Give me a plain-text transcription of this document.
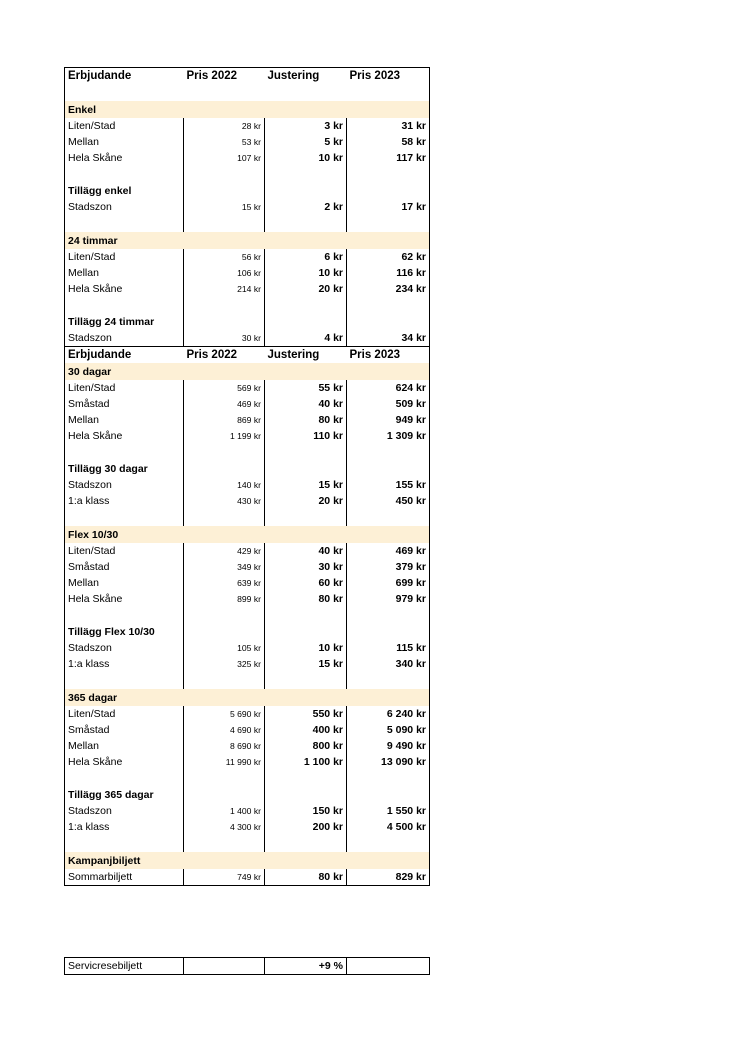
Erbjudande	Pris 2022	Justering	Pris 2023

Enkel			
Liten/Stad	28 kr	3 kr	31 kr
Mellan	53 kr	5 kr	58 kr
Hela Skåne	107 kr	10 kr	117 kr

Tillägg enkel			
Stadszon	15 kr	2 kr	17 kr

24 timmar			
Liten/Stad	56 kr	6 kr	62 kr
Mellan	106 kr	10 kr	116 kr
Hela Skåne	214 kr	20 kr	234 kr

Tillägg 24 timmar			
Stadszon	30 kr	4 kr	34 kr
Erbjudande	Pris 2022	Justering	Pris 2023
30 dagar			
Liten/Stad	569 kr	55 kr	624 kr
Småstad	469 kr	40 kr	509 kr
Mellan	869 kr	80 kr	949 kr
Hela Skåne	1 199 kr	110 kr	1 309 kr

Tillägg 30 dagar			
Stadszon	140 kr	15 kr	155 kr
1:a klass	430 kr	20 kr	450 kr

Flex 10/30			
Liten/Stad	429 kr	40 kr	469 kr
Småstad	349 kr	30 kr	379 kr
Mellan	639 kr	60 kr	699 kr
Hela Skåne	899 kr	80 kr	979 kr

Tillägg Flex 10/30			
Stadszon	105 kr	10 kr	115 kr
1:a klass	325 kr	15 kr	340 kr

365 dagar			
Liten/Stad	5 690 kr	550 kr	6 240 kr
Småstad	4 690 kr	400 kr	5 090 kr
Mellan	8 690 kr	800 kr	9 490 kr
Hela Skåne	11 990 kr	1 100 kr	13 090 kr

Tillägg 365 dagar			
Stadszon	1 400 kr	150 kr	1 550 kr
1:a klass	4 300 kr	200 kr	4 500 kr

Kampanjbiljett			
Sommarbiljett	749 kr	80 kr	829 kr
Servicresebiljett		+9 %	
